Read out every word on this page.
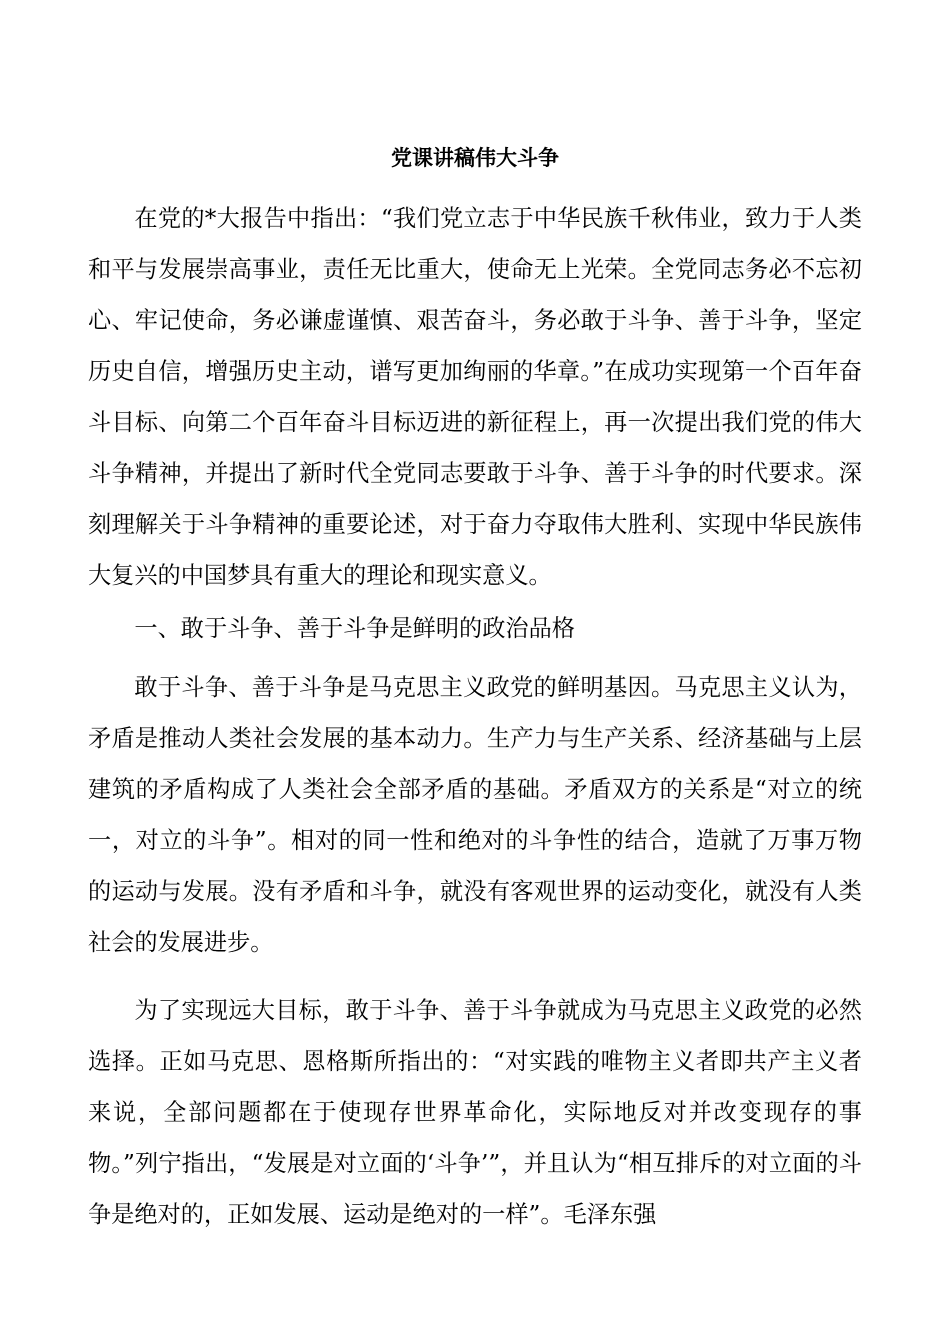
党课讲稿伟大斗争

在党的*大报告中指出：“我们党立志于中华民族千秋伟业，致力于人类和平与发展崇高事业，责任无比重大，使命无上光荣。全党同志务必不忘初心、牢记使命，务必谦虚谨慎、艰苦奋斗，务必敢于斗争、善于斗争，坚定历史自信，增强历史主动，谱写更加绚丽的华章。”在成功实现第一个百年奋斗目标、向第二个百年奋斗目标迈进的新征程上，再一次提出我们党的伟大斗争精神，并提出了新时代全党同志要敢于斗争、善于斗争的时代要求。深刻理解关于斗争精神的重要论述，对于奋力夺取伟大胜利、实现中华民族伟大复兴的中国梦具有重大的理论和现实意义。

一、敢于斗争、善于斗争是鲜明的政治品格

敢于斗争、善于斗争是马克思主义政党的鲜明基因。马克思主义认为，矛盾是推动人类社会发展的基本动力。生产力与生产关系、经济基础与上层建筑的矛盾构成了人类社会全部矛盾的基础。矛盾双方的关系是“对立的统一，对立的斗争”。相对的同一性和绝对的斗争性的结合，造就了万事万物的运动与发展。没有矛盾和斗争，就没有客观世界的运动变化，就没有人类社会的发展进步。

为了实现远大目标，敢于斗争、善于斗争就成为马克思主义政党的必然选择。正如马克思、恩格斯所指出的：“对实践的唯物主义者即共产主义者来说，全部问题都在于使现存世界革命化，实际地反对并改变现存的事物。”列宁指出，“发展是对立面的‘斗争’”，并且认为“相互排斥的对立面的斗争是绝对的，正如发展、运动是绝对的一样”。毛泽东强
